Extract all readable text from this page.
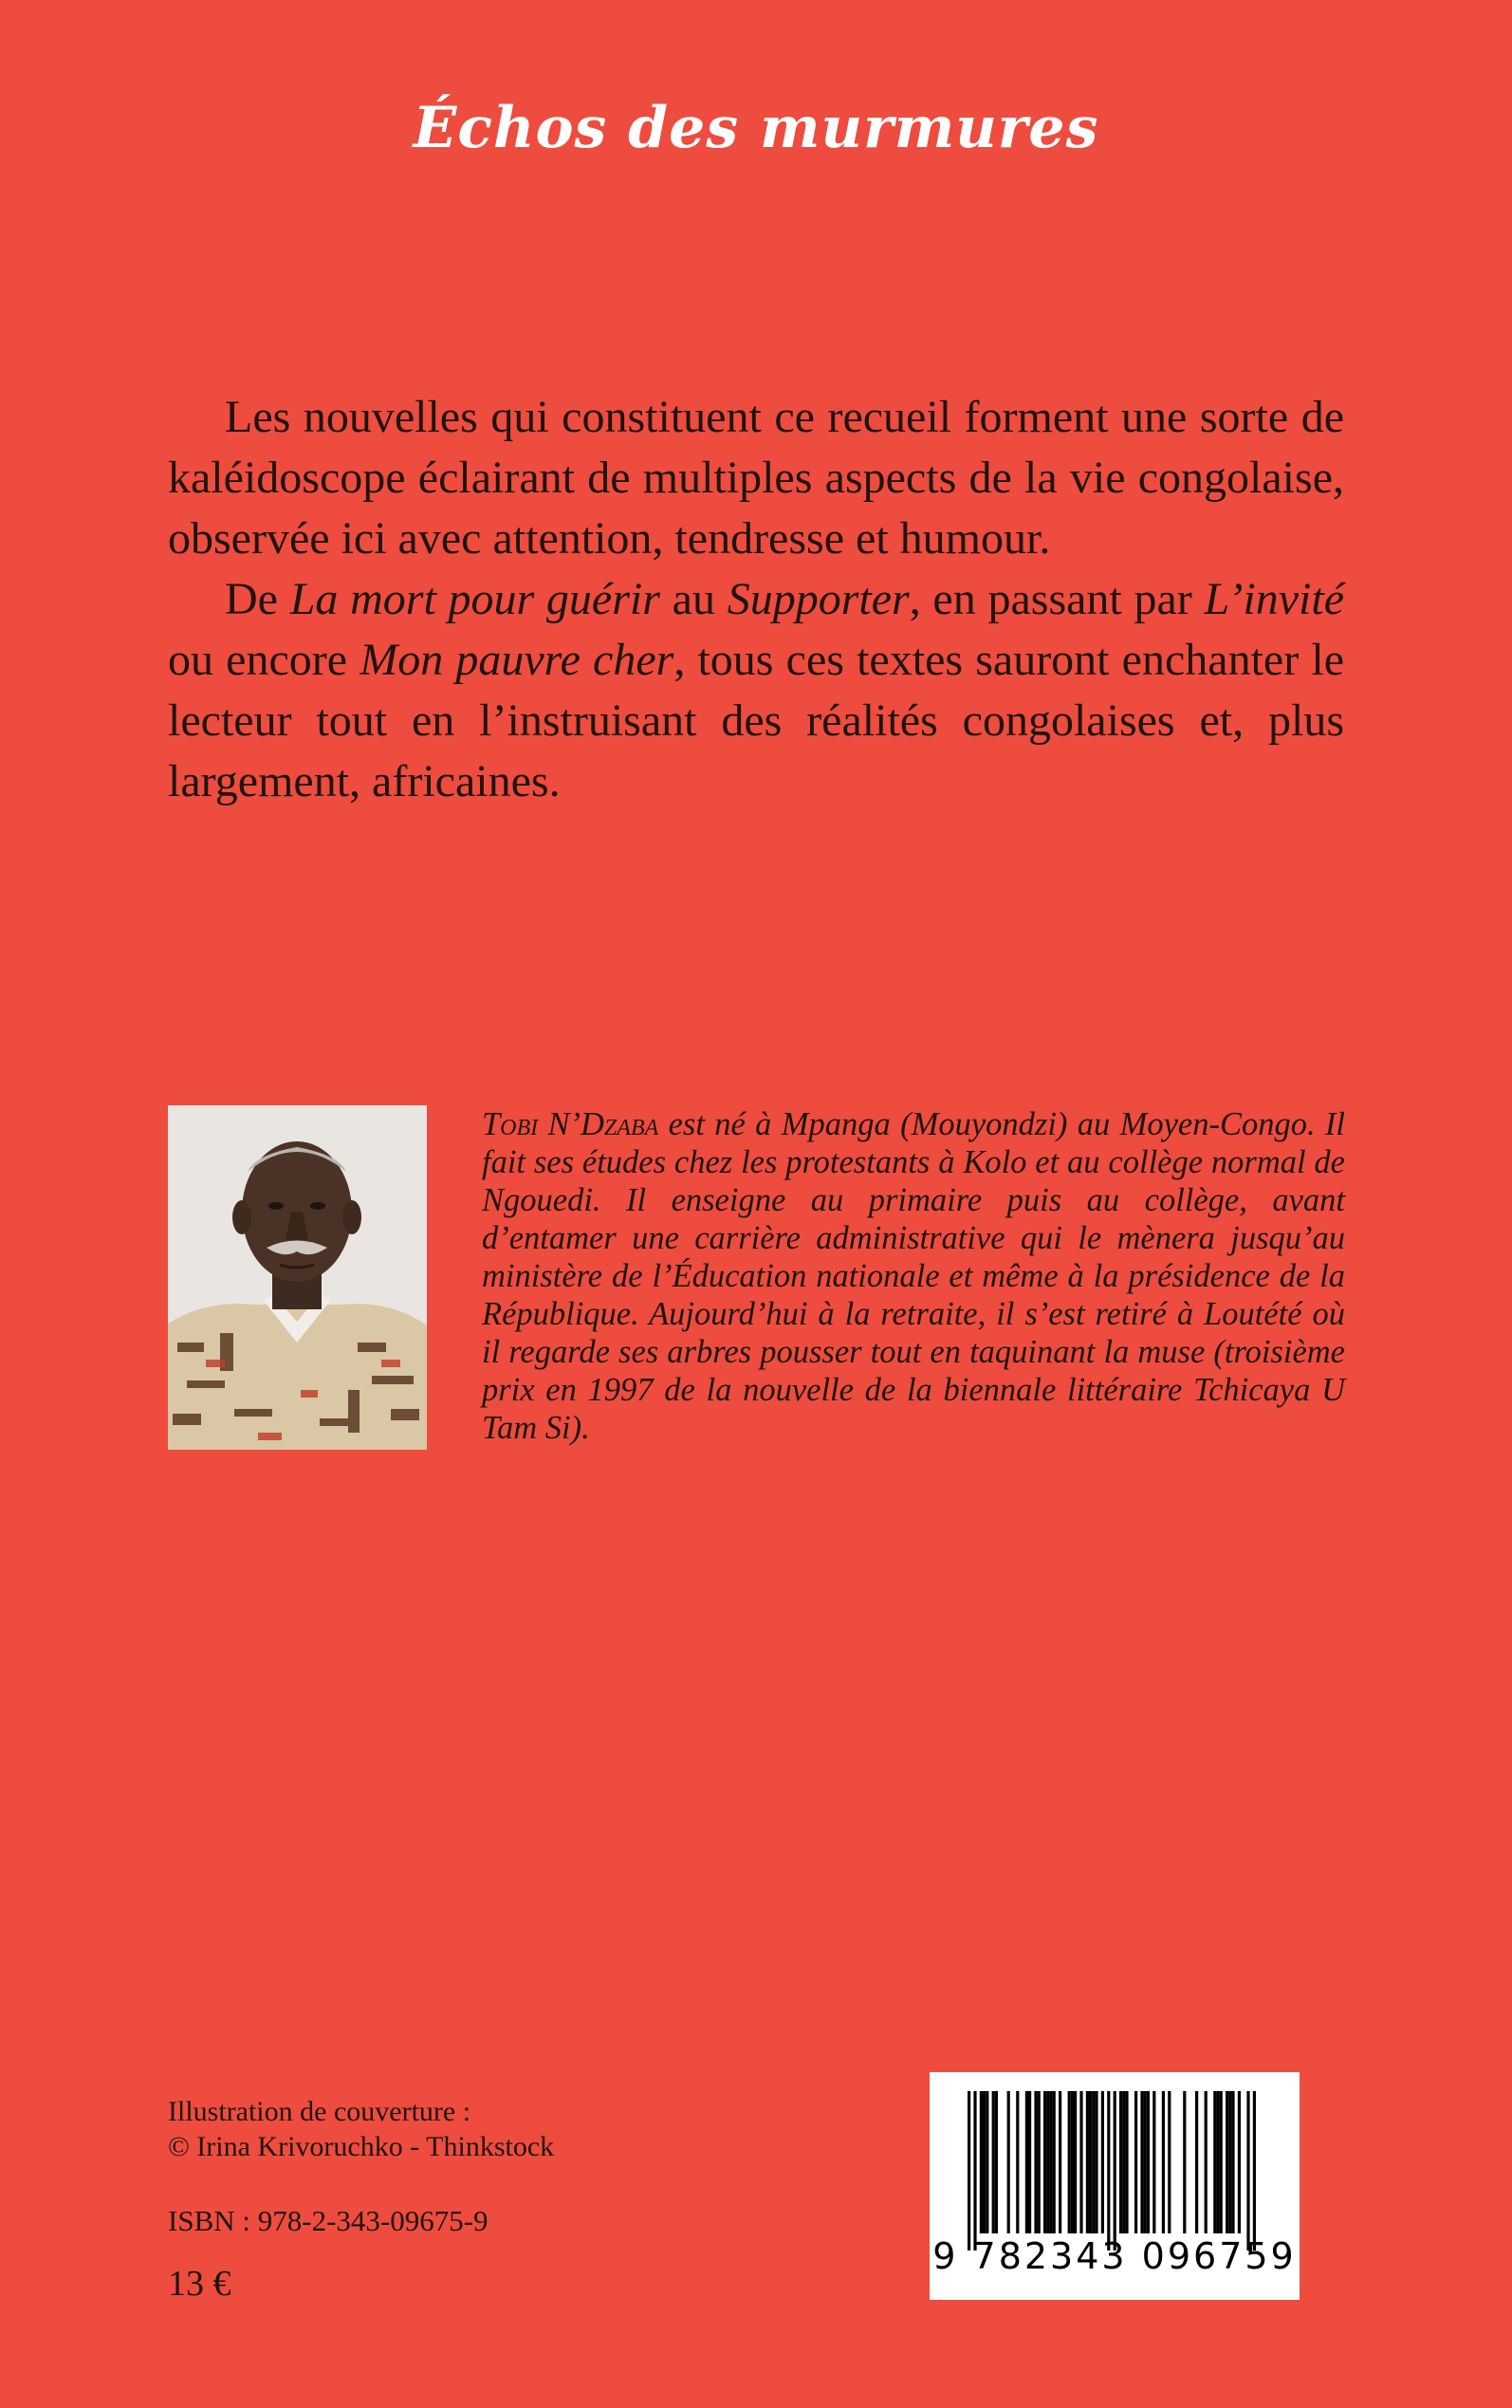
Échos des murmures

Les nouvelles qui constituent ce recueil forment une sorte de kaléidoscope éclairant de multiples aspects de la vie congolaise, observée ici avec attention, tendresse et humour.

De La mort pour guérir au Supporter, en passant par L’invité ou encore Mon pauvre cher, tous ces textes sauront enchanter le lecteur tout en l’instruisant des réalités congolaises et, plus largement, africaines.

Tobi N’Dzaba est né à Mpanga (Mouyondzi) au Moyen-Congo. Il fait ses études chez les protestants à Kolo et au collège normal de Ngouedi. Il enseigne au primaire puis au collège, avant d’entamer une carrière administrative qui le mènera jusqu’au ministère de l’Éducation nationale et même à la présidence de la République. Aujourd’hui à la retraite, il s’est retiré à Loutété où il regarde ses arbres pousser tout en taquinant la muse (troisième prix en 1997 de la nouvelle de la biennale littéraire Tchicaya U Tam Si).

Illustration de couverture :
© Irina Krivoruchko - Thinkstock
ISBN : 978-2-343-09675-9
13 €
9 782343 096759
